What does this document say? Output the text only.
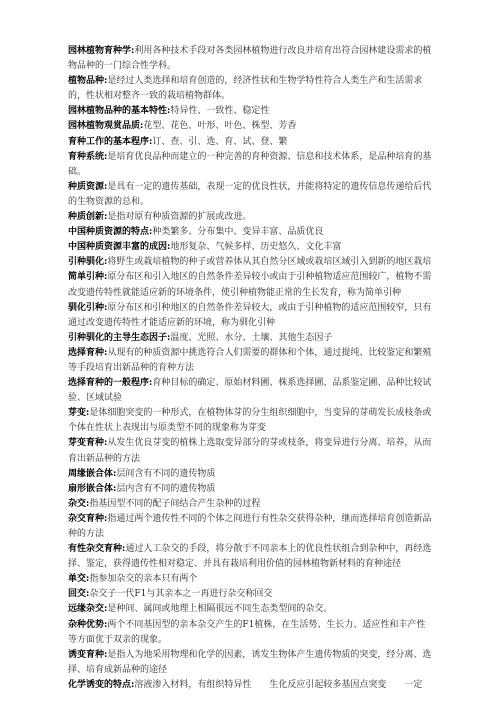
园林植物育种学:利用各种技术手段对各类园林植物进行改良并培育出符合园林建设需求的植物品种的一门综合性学科。

植物品种:是经过人类选择和培育创造的，经济性状和生物学特性符合人类生产和生活需求的，性状相对整齐一致的栽培植物群体。

园林植物品种的基本特性:特异性、一致性、稳定性

园林植物观赏品质:花型、花色、叶形、叶色、株型、芳香

育种工作的基本程序:订、查、引、选、育、试、登、繁

育种系统:是培育优良品种而建立的一种完善的育种资源、信息和技术体系，是品种培育的基础。

种质资源:是具有一定的遗传基础，表现一定的优良性状，并能将特定的遗传信息传递给后代的生物资源的总和。

种质创新:是指对原有种质资源的扩展或改进。

中国种质资源的特点:种类繁多、分布集中、变异丰富、品质优良

中国种质资源丰富的成因:地形复杂、气候多样、历史悠久、文化丰富

引种驯化:将野生或栽培植物的种子或营养体从其自然分区域或栽培区域引入到新的地区栽培

简单引种:原分布区和引入地区的自然条件差异较小或由于引种植物适应范围较广，植物不需改变遗传特性就能适应新的环境条件，使引种植物能正常的生长发育，称为简单引种

驯化引种:原分布区和引种地区的自然条件差异较大，或由于引种植物的适应范围较窄，只有通过改变遗传特性才能适应新的环境，称为驯化引种

引种驯化的主导生态因子:温度、光照、水分、土壤、其他生态因子

选择育种:从现有的种质资源中挑选符合人们需要的群体和个体，通过提纯、比较鉴定和繁殖等手段培育出新品种的育种方法

选择育种的一般程序:育种目标的确定、原始材料圃、株系选择圃、品系鉴定圃、品种比较试验、区域试验

芽变:是体细胞突变的一种形式，在植物体芽的分生组织细胞中，当变异的芽萌发长成枝条或个体在性状上表现出与原类型不同的现象称为芽变

芽变育种:从发生优良芽变的植株上选取变异部分的芽或枝条，将变异进行分离、培养，从而育出新品种的方法

周缘嵌合体:层间含有不同的遗传物质

扇形嵌合体:层内含有不同的遗传物质

杂交:指基因型不同的配子间结合产生杂种的过程

杂交育种:指通过两个遗传性不同的个体之间进行有性杂交获得杂种，继而选择培育创造新品种的方法

有性杂交育种:通过人工杂交的手段，将分散于不同亲本上的优良性状组合到杂种中，再经选择、鉴定，获得遗传性相对稳定、并具有栽培利用价值的园林植物新材料的育种途径

单交:指参加杂交的亲本只有两个

回交:杂交子一代F1与其亲本之一再进行杂交称回交

远缘杂交:是种间、属间或地理上相隔很远不同生态类型间的杂交。

杂种优势:两个不同基因型的亲本杂交产生的F1植株，在生活势、生长力、适应性和丰产性等方面优于双亲的现象。

诱变育种:是指人为地采用物理和化学的因素，诱发生物体产生遗传物质的突变，经分离、选择、培育成新品种的途径

化学诱变的特点:溶液渗入材料，有组织特异性　　生化反应引起较多基因点突变　　一定
